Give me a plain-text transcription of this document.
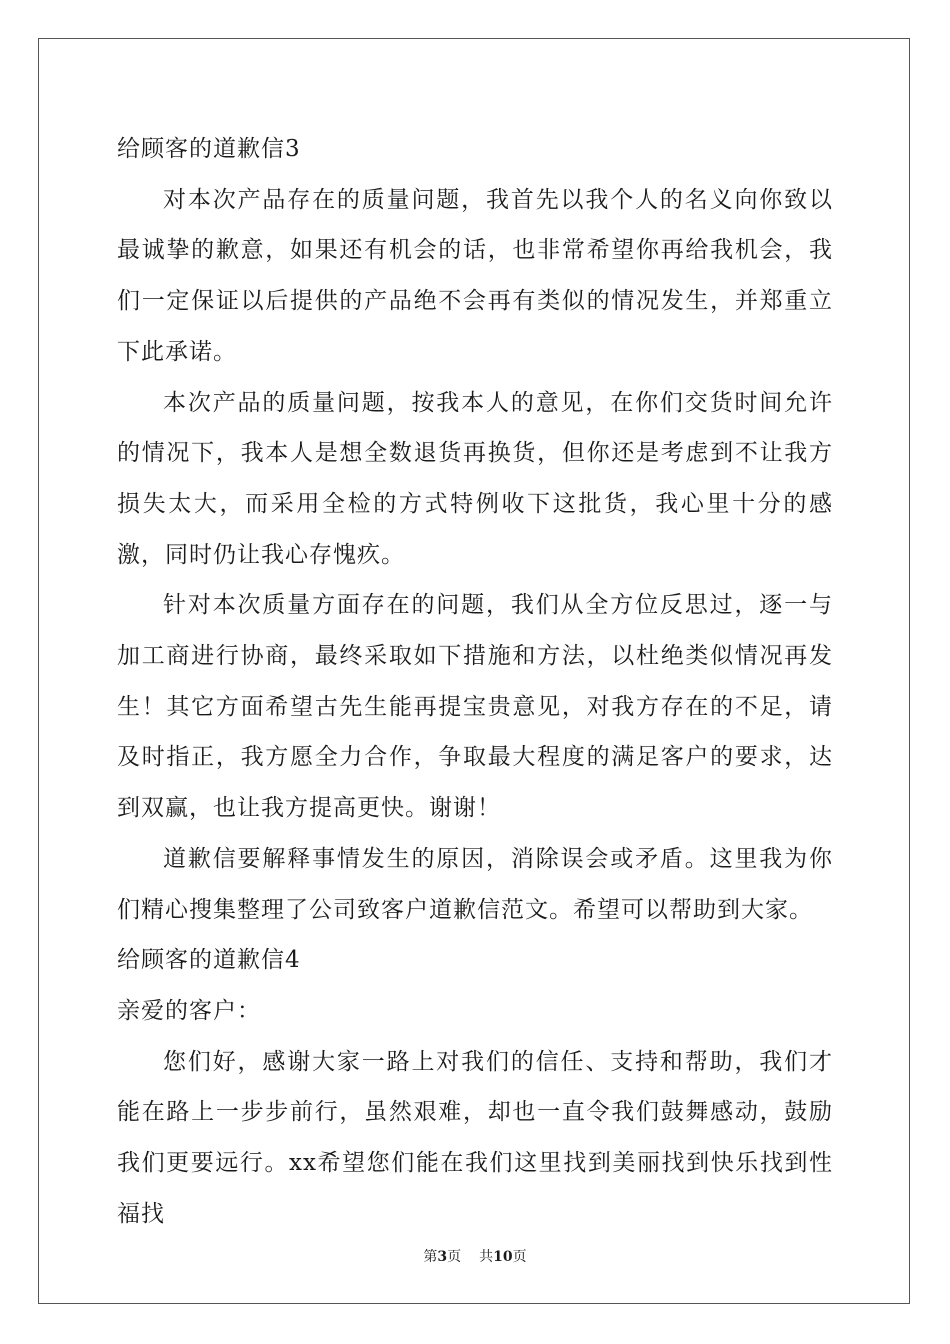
给顾客的道歉信3

对本次产品存在的质量问题，我首先以我个人的名义向你致以最诚挚的歉意，如果还有机会的话，也非常希望你再给我机会，我们一定保证以后提供的产品绝不会再有类似的情况发生，并郑重立下此承诺。

本次产品的质量问题，按我本人的意见，在你们交货时间允许的情况下，我本人是想全数退货再换货，但你还是考虑到不让我方损失太大，而采用全检的方式特例收下这批货，我心里十分的感激，同时仍让我心存愧疚。

针对本次质量方面存在的问题，我们从全方位反思过，逐一与加工商进行协商，最终采取如下措施和方法，以杜绝类似情况再发生！其它方面希望古先生能再提宝贵意见，对我方存在的不足，请及时指正，我方愿全力合作，争取最大程度的满足客户的要求，达到双赢，也让我方提高更快。谢谢！

道歉信要解释事情发生的原因，消除误会或矛盾。这里我为你们精心搜集整理了公司致客户道歉信范文。希望可以帮助到大家。

给顾客的道歉信4

亲爱的客户：

您们好，感谢大家一路上对我们的信任、支持和帮助，我们才能在路上一步步前行，虽然艰难，却也一直令我们鼓舞感动，鼓励我们更要远行。xx希望您们能在我们这里找到美丽找到快乐找到性福找

第3页 共10页
